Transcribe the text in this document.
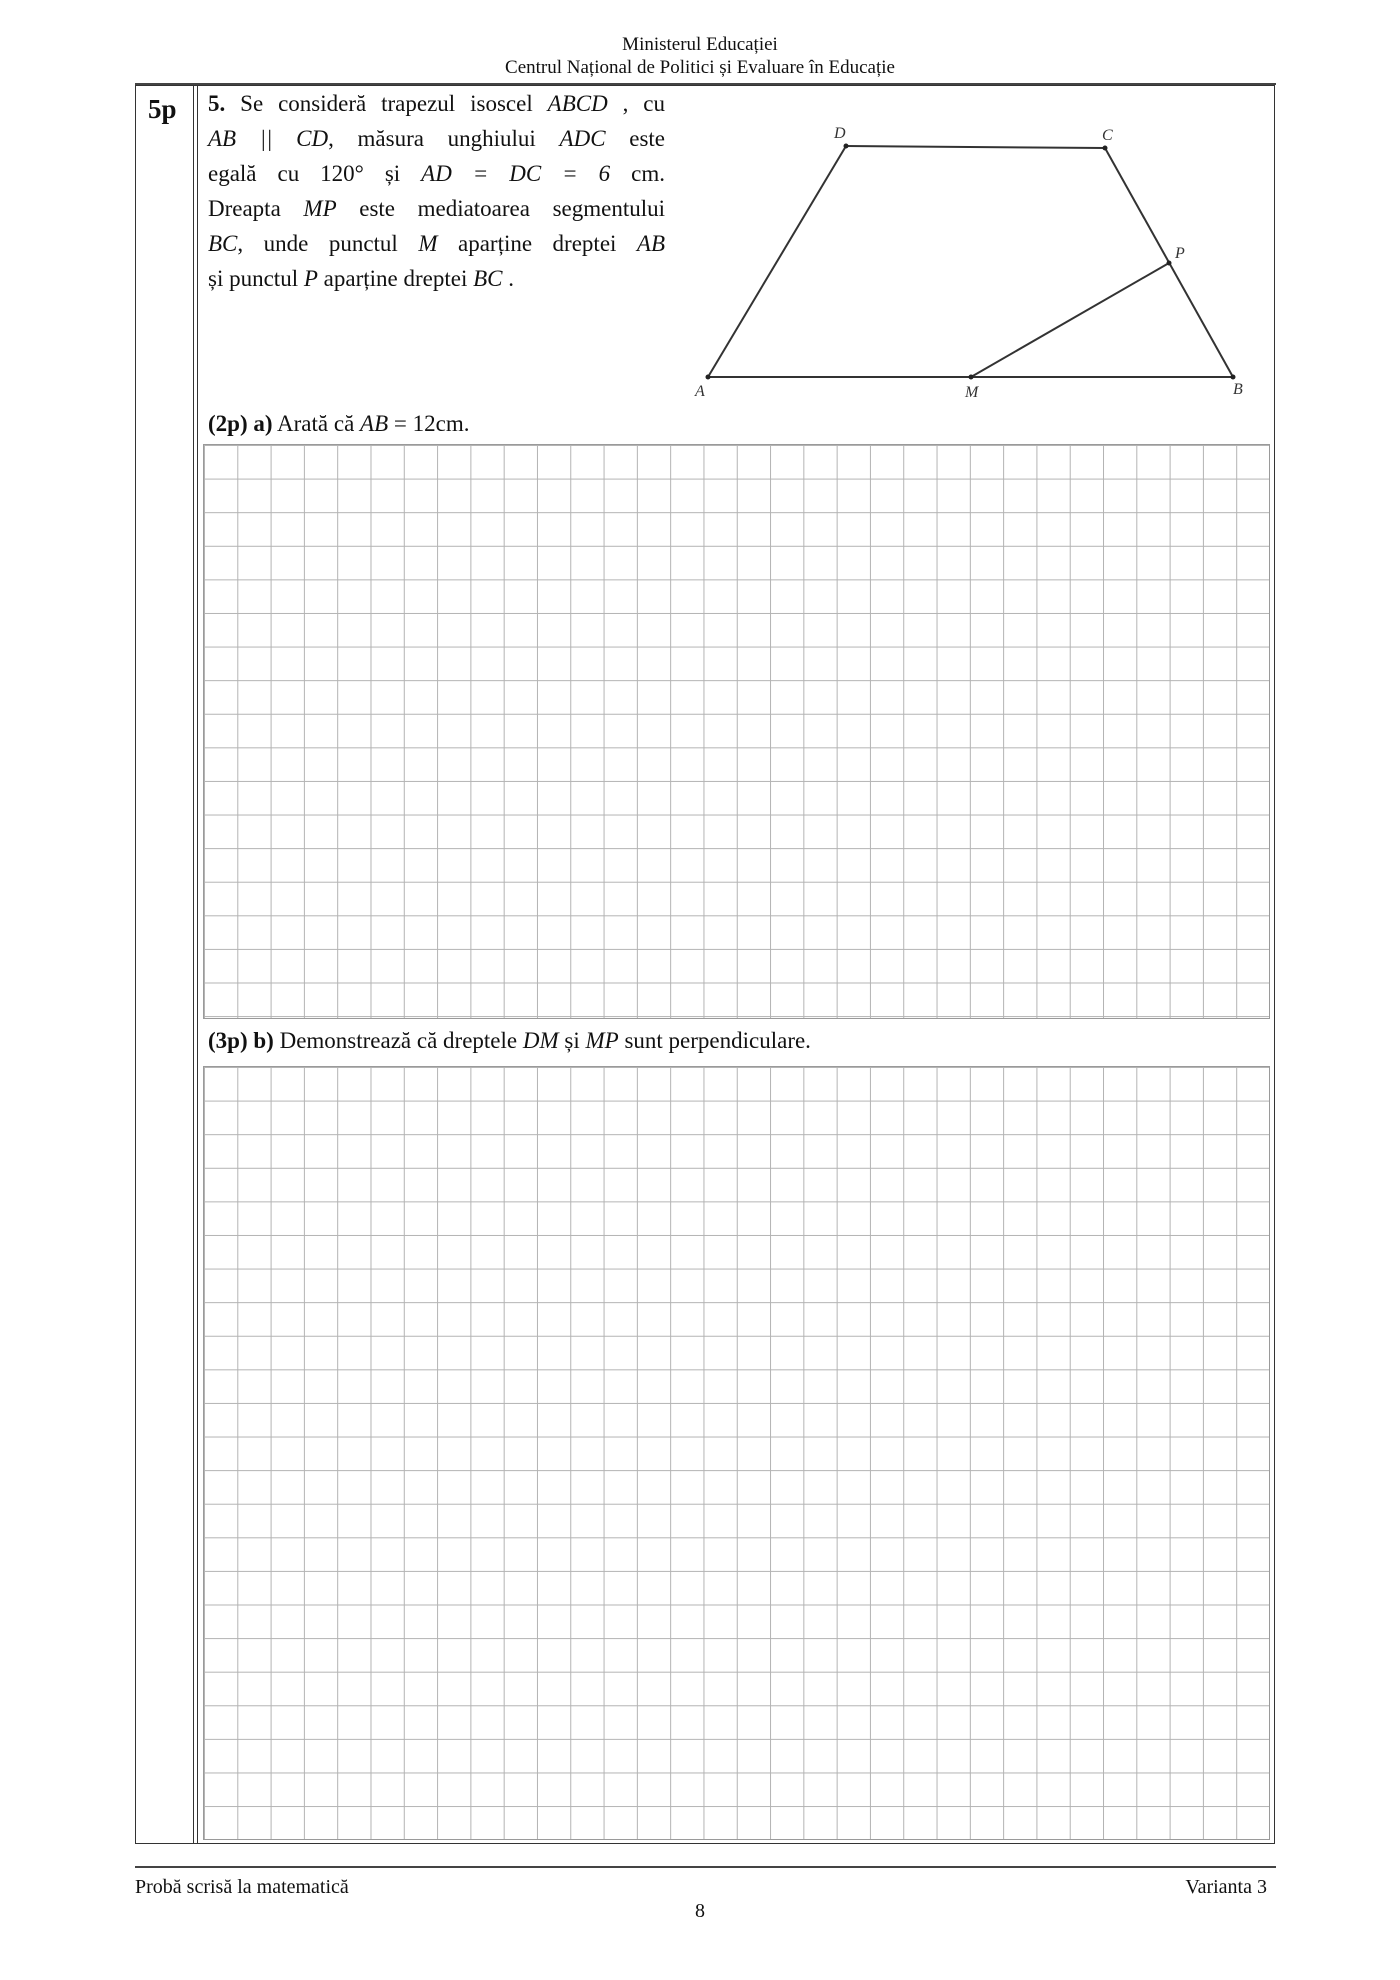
Ministerul Educației
Centrul Național de Politici și Evaluare în Educație
5p 5. Se consideră trapezul isoscel ABCD , cu

AB || CD, măsura unghiului ADC este

egală cu 120° și AD = DC = 6 cm.

Dreapta MP este mediatoarea segmentului

BC, unde punctul M aparține dreptei AB

și punctul P aparține dreptei BC .

A	B
C
D
M
P
(2p) a) Arată că AB = 12cm.
(3p) b) Demonstrează că dreptele DM și MP sunt perpendiculare.
Probă scrisă la matematică	Varianta 3
8
